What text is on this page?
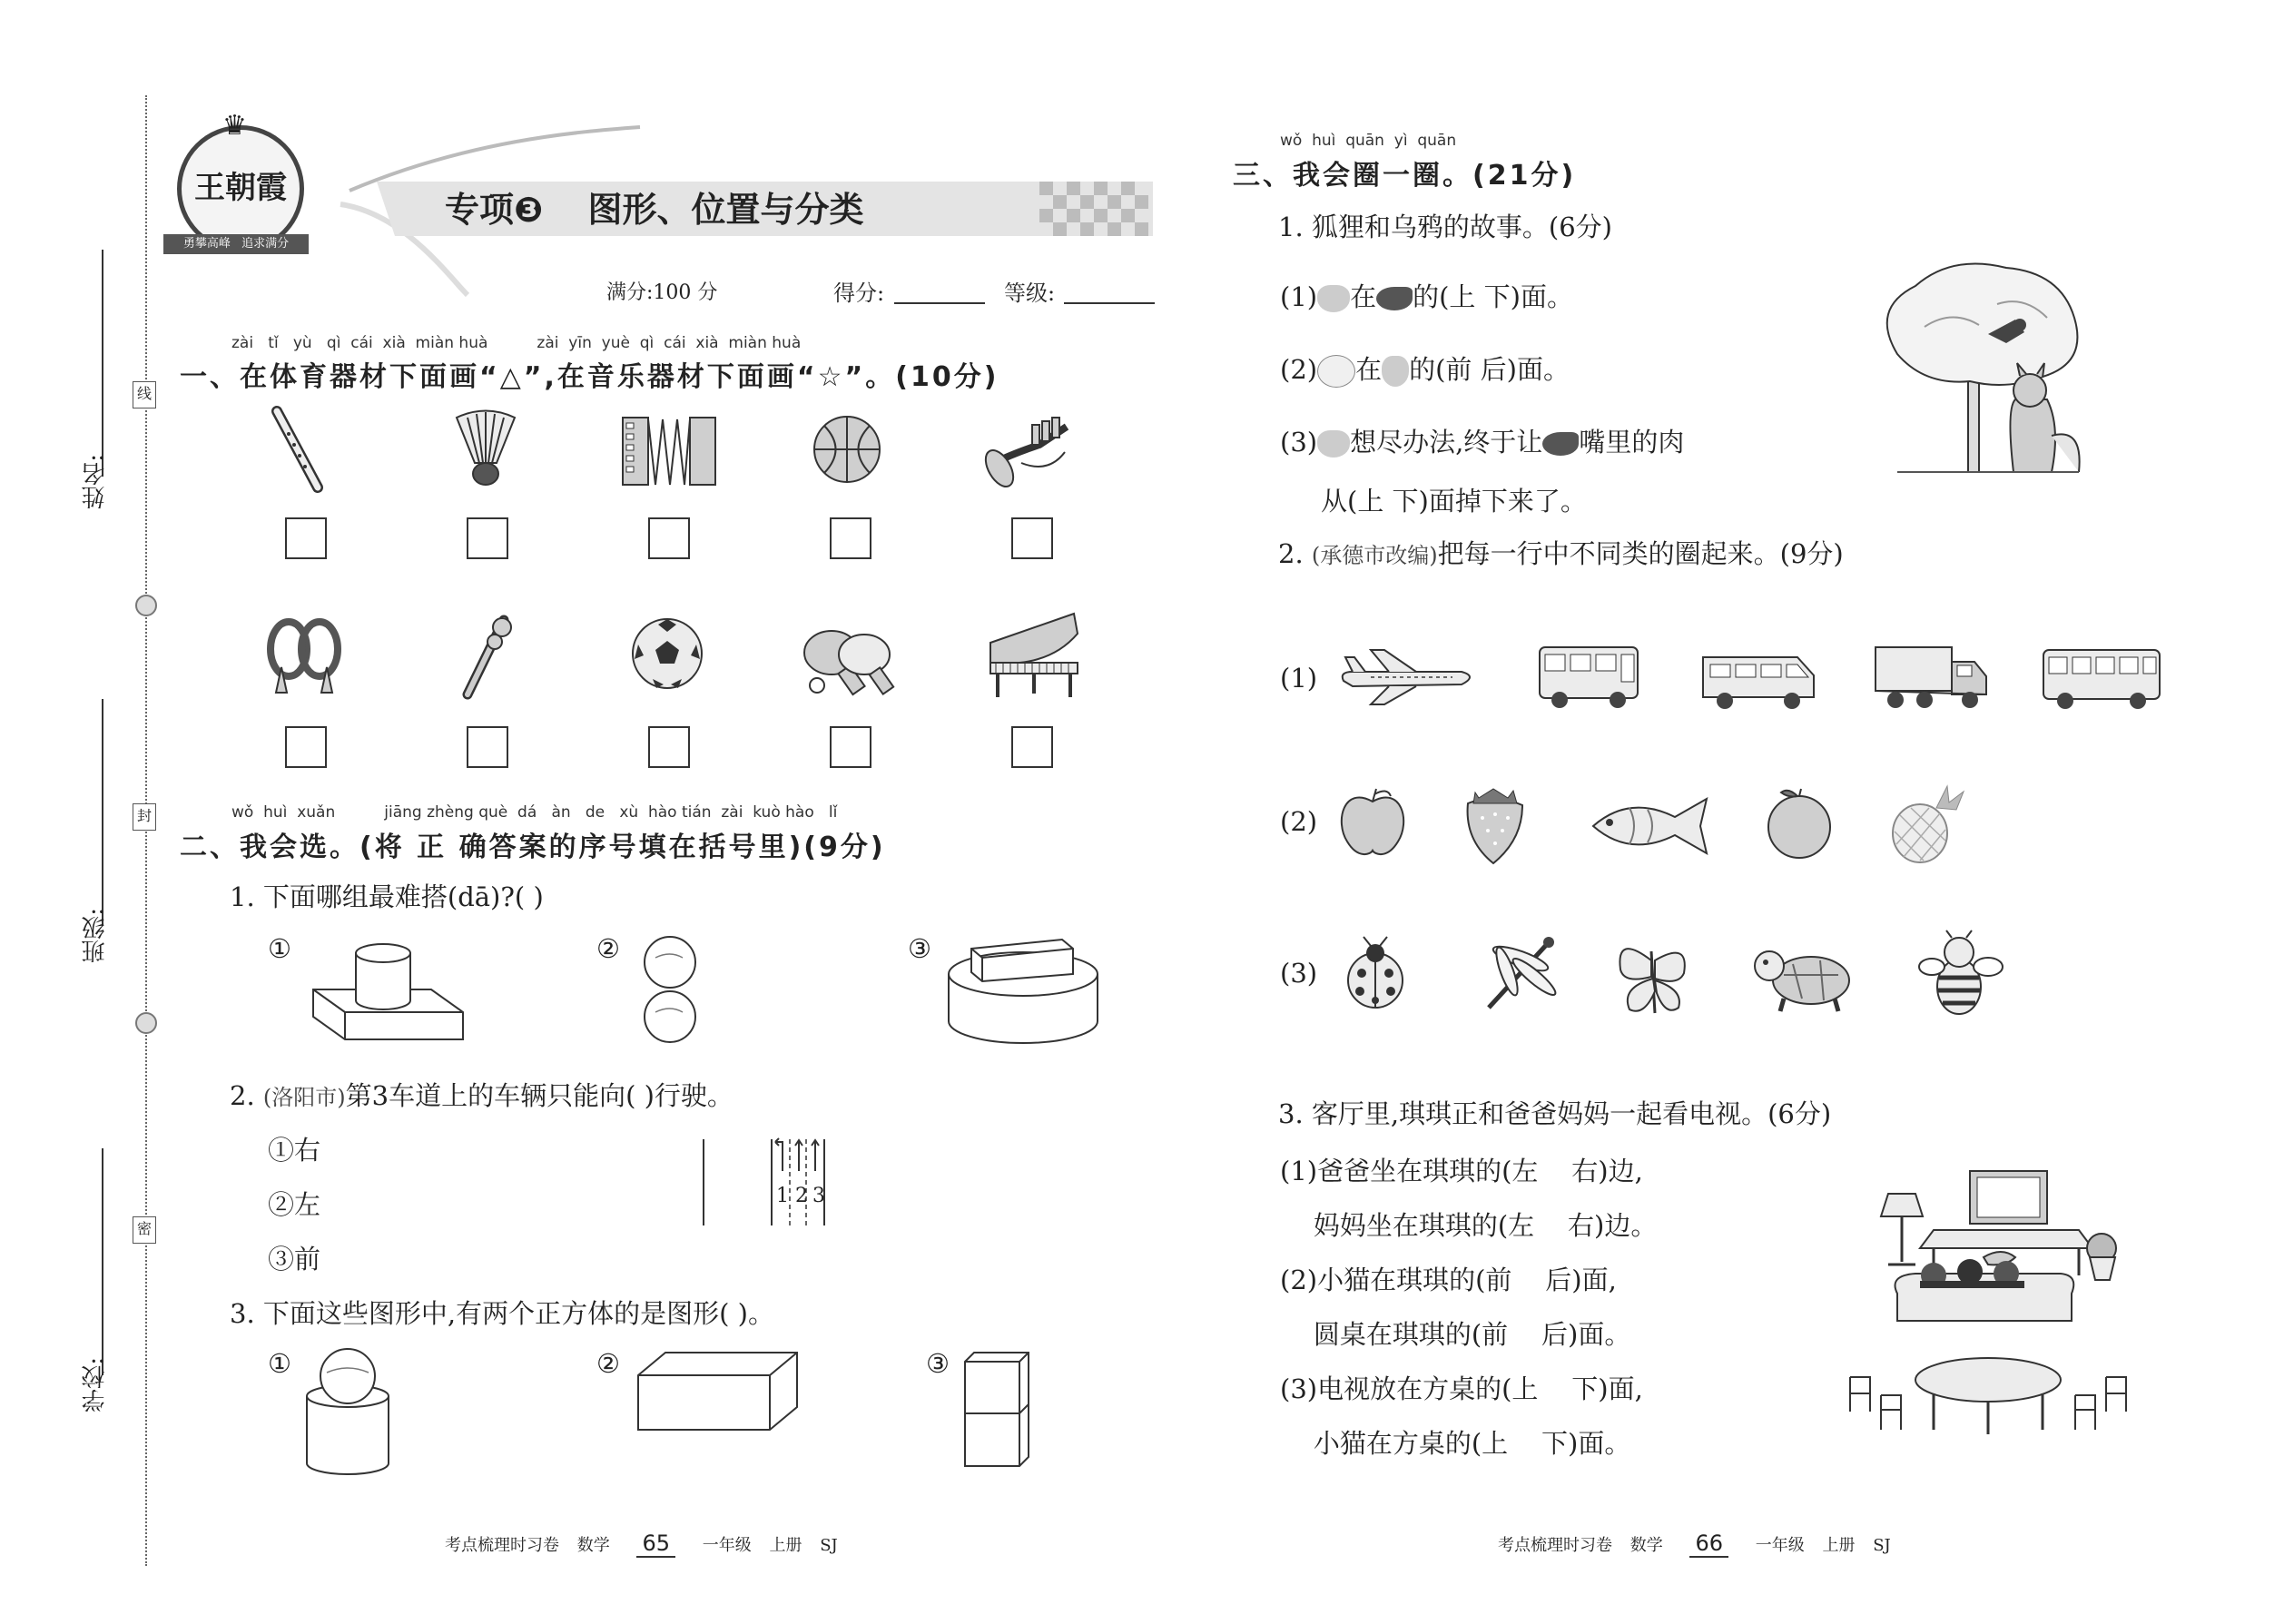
姓名:
班级:
学校:
线
封
密
♛
王朝霞
勇攀高峰 追求满分
专项❸ 图形、位置与分类
满分:100 分	得分:	等级:
zài   tǐ   yù   qì  cái  xià  miàn huà          zài  yīn  yuè  qì  cái  xià  miàn huà
一、在体育器材下面画“△”,在音乐器材下面画“☆”。(10分)
wǒ  huì  xuǎn          jiāng zhèng què  dá   àn   de   xù  hào tián  zài  kuò hào   lǐ
二、我会选。(将 正 确答案的序号填在括号里)(9分)
1. 下面哪组最难搭(dā)?( )
①	②	③
2. (洛阳市)第3车道上的车辆只能向( )行驶。
①右
②左
③前
1 2 3
3. 下面这些图形中,有两个正方体的是图形( )。
①	②	③
wǒ  huì  quān  yì  quān
三、我会圈一圈。(21分)
1. 狐狸和乌鸦的故事。(6分)
(1) 在 的(上 下)面。
(2) 在 的(前 后)面。
(3) 想尽办法,终于让 嘴里的肉
从(上 下)面掉下来了。
2. (承德市改编)把每一行中不同类的圈起来。(9分)
(1)
(2)
(3)
3. 客厅里,琪琪正和爸爸妈妈一起看电视。(6分)
(1)爸爸坐在琪琪的(左    右)边,
妈妈坐在琪琪的(左    右)边。
(2)小猫在琪琪的(前    后)面,
圆桌在琪琪的(前    后)面。
(3)电视放在方桌的(上    下)面,
小猫在方桌的(上    下)面。
考点梳理时习卷 数学 65 一年级 上册 SJ	考点梳理时习卷 数学 66 一年级 上册 SJ
